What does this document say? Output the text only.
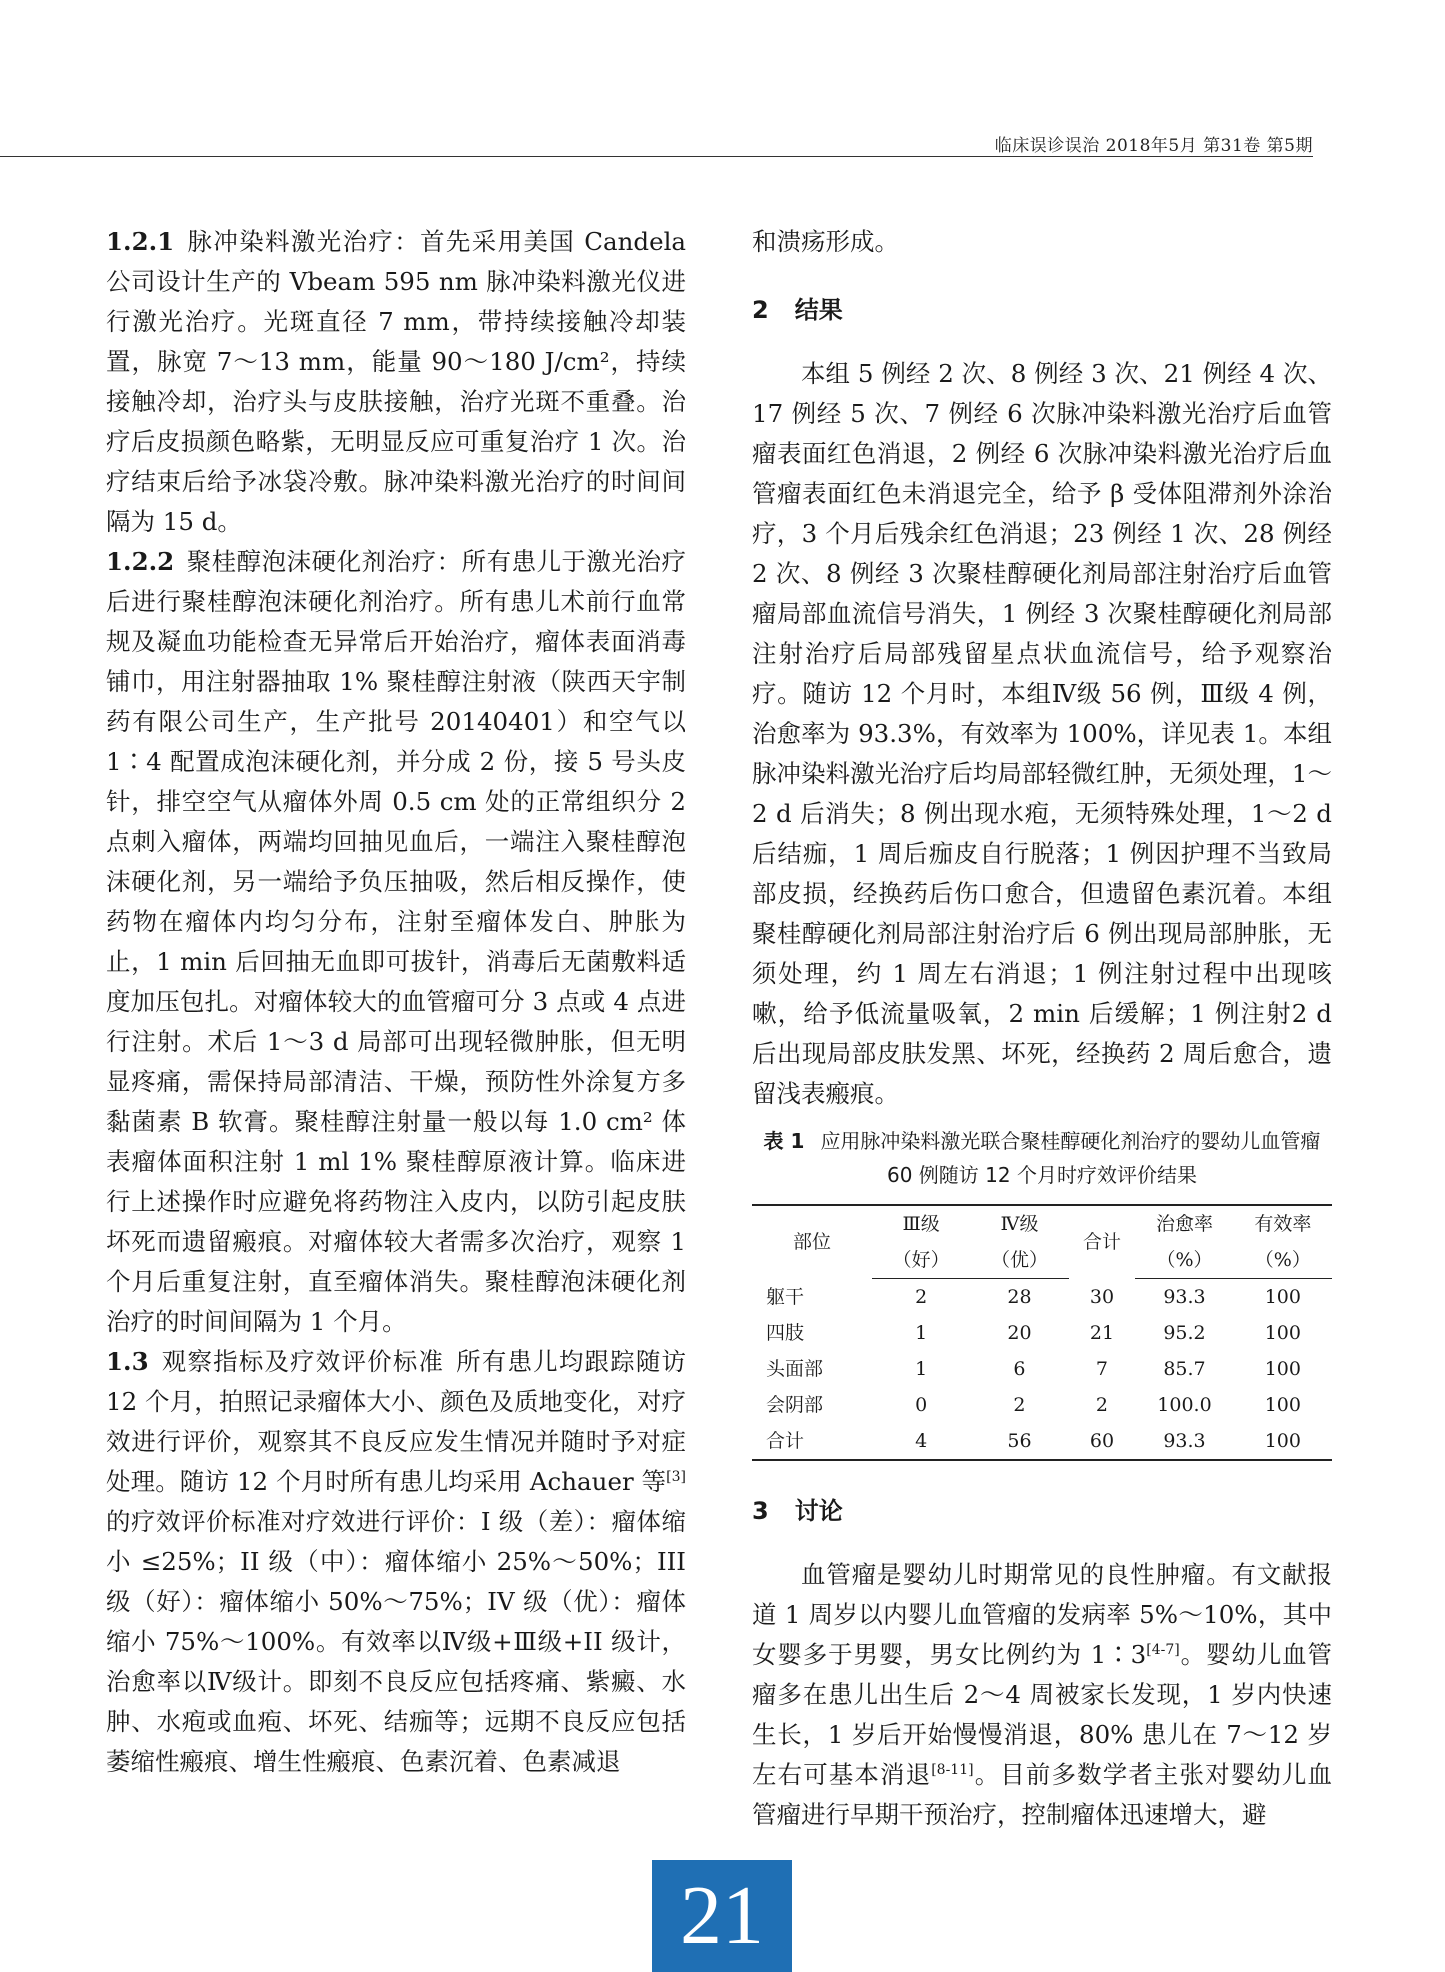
临床误诊误治 2018年5月 第31卷 第5期

1.2.1 脉冲染料激光治疗：首先采用美国 Candela 公司设计生产的 Vbeam 595 nm 脉冲染料激光仪进行激光治疗。光斑直径 7 mm，带持续接触冷却装置，脉宽 7～13 mm，能量 90～180 J/cm²，持续接触冷却，治疗头与皮肤接触，治疗光斑不重叠。治疗后皮损颜色略紫，无明显反应可重复治疗 1 次。治疗结束后给予冰袋冷敷。脉冲染料激光治疗的时间间隔为 15 d。

1.2.2 聚桂醇泡沫硬化剂治疗：所有患儿于激光治疗后进行聚桂醇泡沫硬化剂治疗。所有患儿术前行血常规及凝血功能检查无异常后开始治疗，瘤体表面消毒铺巾，用注射器抽取 1% 聚桂醇注射液（陕西天宇制药有限公司生产，生产批号 20140401）和空气以 1∶4 配置成泡沫硬化剂，并分成 2 份，接 5 号头皮针，排空空气从瘤体外周 0.5 cm 处的正常组织分 2 点刺入瘤体，两端均回抽见血后，一端注入聚桂醇泡沫硬化剂，另一端给予负压抽吸，然后相反操作，使药物在瘤体内均匀分布，注射至瘤体发白、肿胀为止，1 min 后回抽无血即可拔针，消毒后无菌敷料适度加压包扎。对瘤体较大的血管瘤可分 3 点或 4 点进行注射。术后 1～3 d 局部可出现轻微肿胀，但无明显疼痛，需保持局部清洁、干燥，预防性外涂复方多黏菌素 B 软膏。聚桂醇注射量一般以每 1.0 cm² 体表瘤体面积注射 1 ml 1% 聚桂醇原液计算。临床进行上述操作时应避免将药物注入皮内，以防引起皮肤坏死而遗留瘢痕。对瘤体较大者需多次治疗，观察 1 个月后重复注射，直至瘤体消失。聚桂醇泡沫硬化剂治疗的时间间隔为 1 个月。

1.3 观察指标及疗效评价标准 所有患儿均跟踪随访 12 个月，拍照记录瘤体大小、颜色及质地变化，对疗效进行评价，观察其不良反应发生情况并随时予对症处理。随访 12 个月时所有患儿均采用 Achauer 等[3]的疗效评价标准对疗效进行评价：I 级（差）：瘤体缩小 ≤25%；II 级（中）：瘤体缩小 25%～50%；III 级（好）：瘤体缩小 50%～75%；IV 级（优）：瘤体缩小 75%～100%。有效率以Ⅳ级+Ⅲ级+II 级计，治愈率以Ⅳ级计。即刻不良反应包括疼痛、紫癜、水肿、水疱或血疱、坏死、结痂等；远期不良反应包括萎缩性瘢痕、增生性瘢痕、色素沉着、色素减退

和溃疡形成。

2 结果

本组 5 例经 2 次、8 例经 3 次、21 例经 4 次、17 例经 5 次、7 例经 6 次脉冲染料激光治疗后血管瘤表面红色消退，2 例经 6 次脉冲染料激光治疗后血管瘤表面红色未消退完全，给予 β 受体阻滞剂外涂治疗，3 个月后残余红色消退；23 例经 1 次、28 例经 2 次、8 例经 3 次聚桂醇硬化剂局部注射治疗后血管瘤局部血流信号消失，1 例经 3 次聚桂醇硬化剂局部注射治疗后局部残留星点状血流信号，给予观察治疗。随访 12 个月时，本组Ⅳ级 56 例，Ⅲ级 4 例，治愈率为 93.3%，有效率为 100%，详见表 1。本组脉冲染料激光治疗后均局部轻微红肿，无须处理，1～2 d 后消失；8 例出现水疱，无须特殊处理，1～2 d 后结痂，1 周后痂皮自行脱落；1 例因护理不当致局部皮损，经换药后伤口愈合，但遗留色素沉着。本组聚桂醇硬化剂局部注射治疗后 6 例出现局部肿胀，无须处理，约 1 周左右消退；1 例注射过程中出现咳嗽，给予低流量吸氧，2 min 后缓解；1 例注射2 d后出现局部皮肤发黑、坏死，经换药 2 周后愈合，遗留浅表瘢痕。

表 1 应用脉冲染料激光联合聚桂醇硬化剂治疗的婴幼儿血管瘤 60 例随访 12 个月时疗效评价结果
部位	Ⅲ级	Ⅳ级	合计	治愈率	有效率
	（好）	（优）		（%）	（%）
躯干	2	28	30	93.3	100
四肢	1	20	21	95.2	100
头面部	1	6	7	85.7	100
会阴部	0	2	2	100.0	100
合计	4	56	60	93.3	100
3 讨论

血管瘤是婴幼儿时期常见的良性肿瘤。有文献报道 1 周岁以内婴儿血管瘤的发病率 5%～10%，其中女婴多于男婴，男女比例约为 1∶3[4-7]。婴幼儿血管瘤多在患儿出生后 2～4 周被家长发现，1 岁内快速生长，1 岁后开始慢慢消退，80% 患儿在 7～12 岁左右可基本消退[8-11]。目前多数学者主张对婴幼儿血管瘤进行早期干预治疗，控制瘤体迅速增大，避

21
